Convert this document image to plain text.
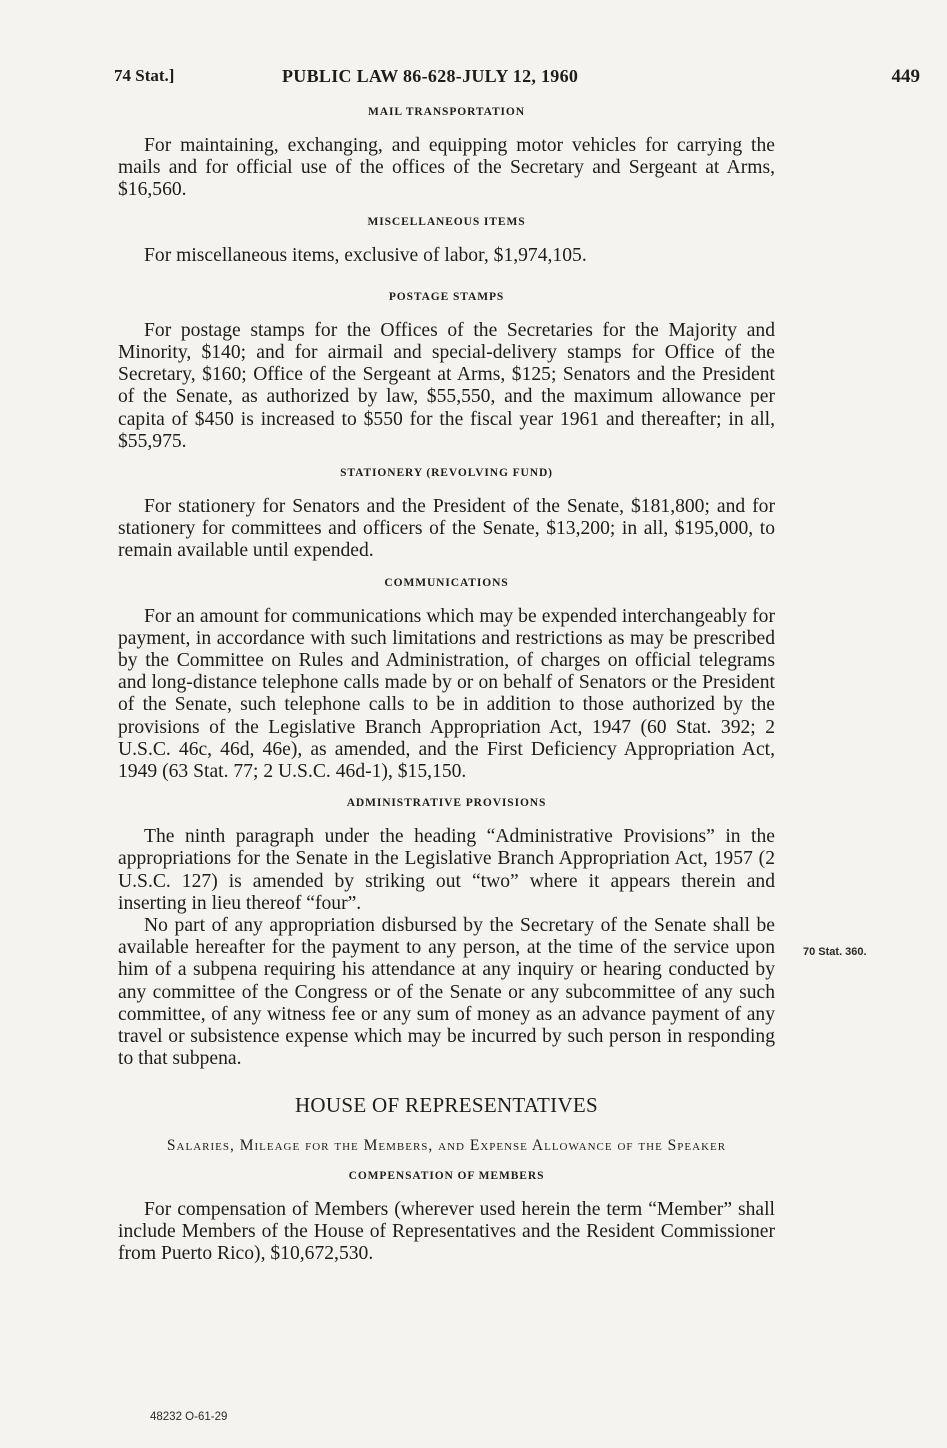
74 Stat.]	PUBLIC LAW 86-628-JULY 12, 1960	449
MAIL TRANSPORTATION

For maintaining, exchanging, and equipping motor vehicles for carrying the mails and for official use of the offices of the Secretary and Sergeant at Arms, $16,560.

MISCELLANEOUS ITEMS

For miscellaneous items, exclusive of labor, $1,974,105.

POSTAGE STAMPS

For postage stamps for the Offices of the Secretaries for the Majority and Minority, $140; and for airmail and special-delivery stamps for Office of the Secretary, $160; Office of the Sergeant at Arms, $125; Senators and the President of the Senate, as authorized by law, $55,550, and the maximum allowance per capita of $450 is increased to $550 for the fiscal year 1961 and thereafter; in all, $55,975.

STATIONERY (REVOLVING FUND)

For stationery for Senators and the President of the Senate, $181,800; and for stationery for committees and officers of the Senate, $13,200; in all, $195,000, to remain available until expended.

COMMUNICATIONS

For an amount for communications which may be expended interchangeably for payment, in accordance with such limitations and restrictions as may be prescribed by the Committee on Rules and Administration, of charges on official telegrams and long-distance telephone calls made by or on behalf of Senators or the President of the Senate, such telephone calls to be in addition to those authorized by the provisions of the Legislative Branch Appropriation Act, 1947 (60 Stat. 392; 2 U.S.C. 46c, 46d, 46e), as amended, and the First Deficiency Appropriation Act, 1949 (63 Stat. 77; 2 U.S.C. 46d-1), $15,150.

ADMINISTRATIVE PROVISIONS

The ninth paragraph under the heading “Administrative Provisions” in the appropriations for the Senate in the Legislative Branch Appropriation Act, 1957 (2 U.S.C. 127) is amended by striking out “two” where it appears therein and inserting in lieu thereof “four”.

No part of any appropriation disbursed by the Secretary of the Senate shall be available hereafter for the payment to any person, at the time of the service upon him of a subpena requiring his attendance at any inquiry or hearing conducted by any committee of the Congress or of the Senate or any subcommittee of any such committee, of any witness fee or any sum of money as an advance payment of any travel or subsistence expense which may be incurred by such person in responding to that subpena.

HOUSE OF REPRESENTATIVES
Salaries, Mileage for the Members, and Expense Allowance of the Speaker
COMPENSATION OF MEMBERS

For compensation of Members (wherever used herein the term “Member” shall include Members of the House of Representatives and the Resident Commissioner from Puerto Rico), $10,672,530.

70 Stat. 360.
48232 O-61-29
